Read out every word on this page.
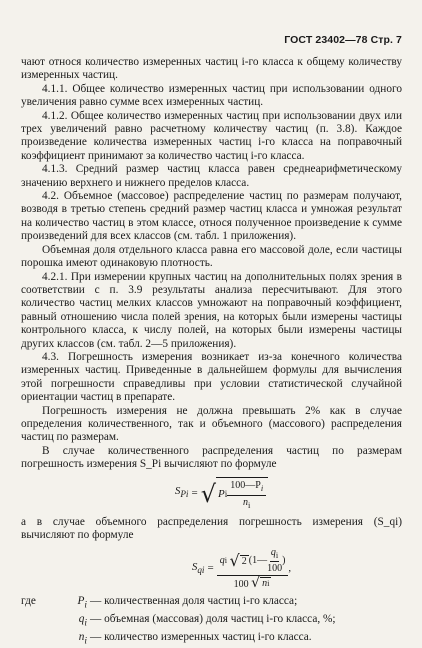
ГОСТ 23402—78 Стр. 7

чают относя количество измеренных частиц i-го класса к общему количеству измеренных частиц.

4.1.1. Общее количество измеренных частиц при использовании одного увеличения равно сумме всех измеренных частиц.

4.1.2. Общее количество измеренных частиц при использовании двух или трех увеличений равно расчетному количеству частиц (п. 3.8). Каждое произведение количества измеренных частиц i-го класса на поправочный коэффициент принимают за количество частиц i-го класса.

4.1.3. Средний размер частиц класса равен среднеарифметическому значению верхнего и нижнего пределов класса.

4.2. Объемное (массовое) распределение частиц по размерам получают, возводя в третью степень средний размер частиц класса и умножая результат на количество частиц в этом классе, относя полученное произведение к сумме произведений для всех классов (см. табл. 1 приложения).

Объемная доля отдельного класса равна его массовой доле, если частицы порошка имеют одинаковую плотность.

4.2.1. При измерении крупных частиц на дополнительных полях зрения в соответствии с п. 3.9 результаты анализа пересчитывают. Для этого количество частиц мелких классов умножают на поправочный коэффициент, равный отношению числа полей зрения, на которых были измерены частицы контрольного класса, к числу полей, на которых были измерены частицы других классов (см. табл. 2—5 приложения).

4.3. Погрешность измерения возникает из-за конечного количества измеренных частиц. Приведенные в дальнейшем формулы для вычисления этой погрешности справедливы при условии статистической случайной ориентации частиц в препарате.

Погрешность измерения не должна превышать 2% как в случае определения количественного, так и объемного (массового) распределения частиц по размерам.

В случае количественного распределения частиц по размерам погрешность измерения S_Pi вычисляют по формуле

$S_{Pi}$ = √ P i $\frac{100—P_i}{n_i}$

а в случае объемного распределения погрешность измерения (S_qi) вычисляют по формуле

$S_{qi} = q$ i
√ 2 (1— $\frac{q_i}{100}$ )
100 √ n i ,
где	$P_i$ — количественная доля частиц i-го класса;
$q_i$ — объемная (массовая) доля частиц i-го класса, %;
$n_i$ — количество измеренных частиц i-го класса.
